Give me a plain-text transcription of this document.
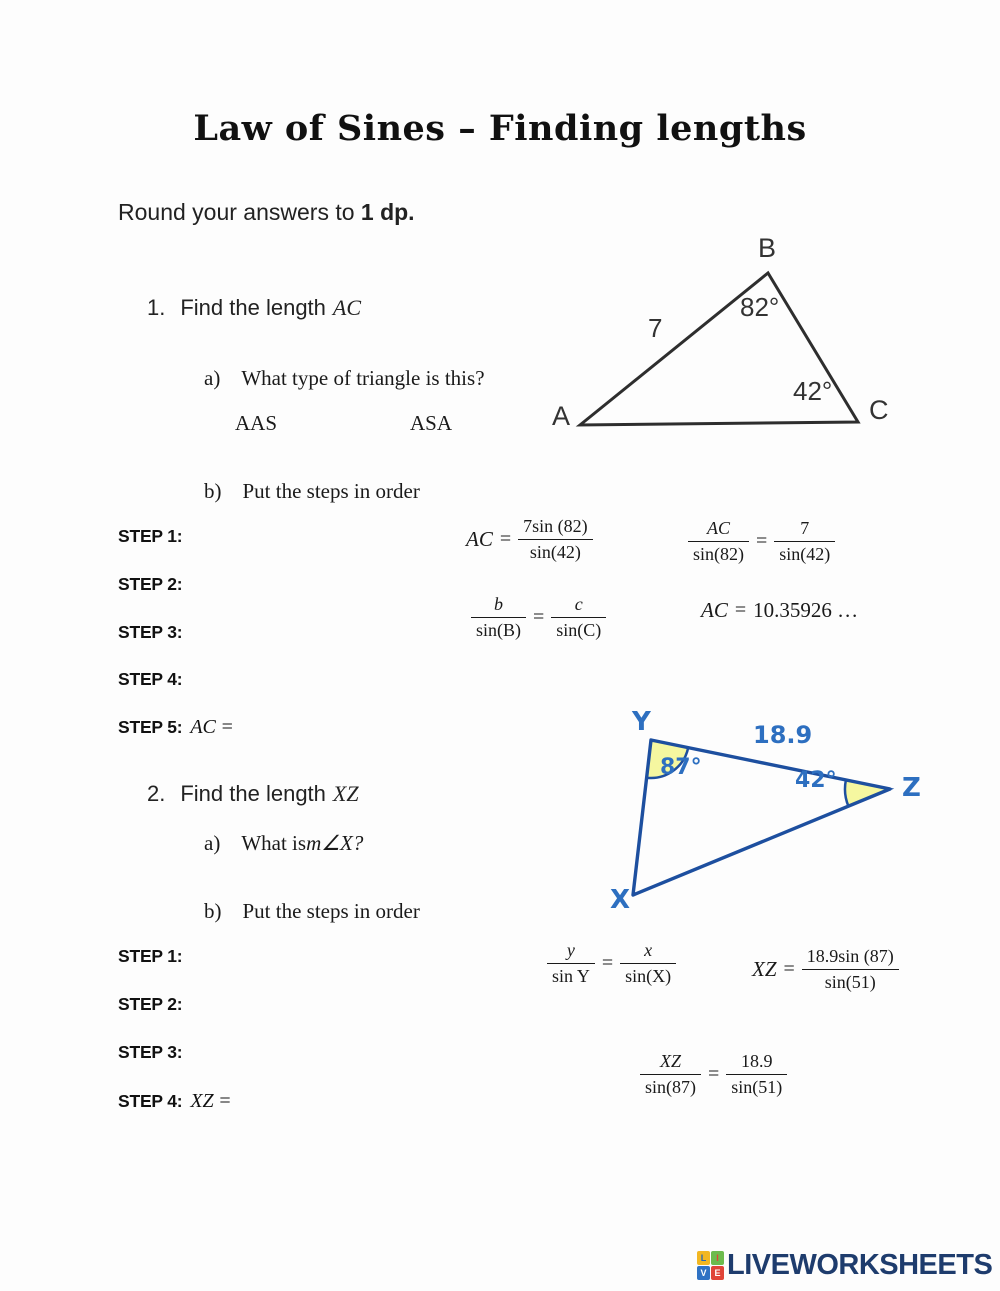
Law of Sines – Finding lengths
Round your answers to 1 dp.
1. Find the length AC
B
82°
7
42°
A	C
a) What type of triangle is this?
AAS	ASA
b) Put the steps in order
STEP 1:
STEP 2:
STEP 3:
STEP 4:
STEP 5: AC =
AC = $\frac{7\sin (82)}{\sin(42)}$	$\frac{AC}{\sin(82)} = \frac{7}{\sin(42)}$
$\frac{b}{\sin(B)} = \frac{c}{\sin(C)}$	AC = 10.35926 …
2. Find the length XZ
Y	18.9
87°
42°	Z
X
a) What is m∠X?
b) Put the steps in order
STEP 1:
STEP 2:
STEP 3:
STEP 4: XZ =
$\frac{y}{\text{sin Y}} = \frac{x}{\sin(X)}$	XZ = $\frac{18.9\sin (87)}{\sin(51)}$
$\frac{XZ}{\sin(87)} = \frac{18.9}{\sin(51)}$
L	I
V E LIVEWORKSHEETS
